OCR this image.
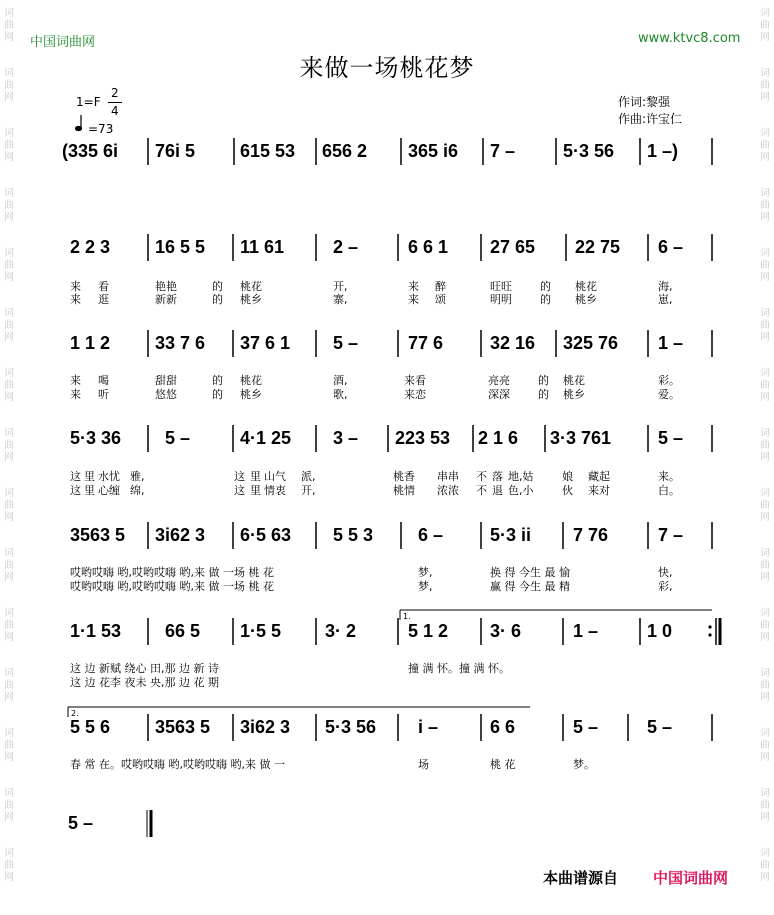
词曲网
词曲网
词曲网
词曲网
词曲网
词曲网
词曲网
词曲网
词曲网
词曲网
词曲网
词曲网
词曲网
词曲网
词曲网
词曲网
词曲网
词曲网
词曲网
词曲网
词曲网
词曲网
词曲网
词曲网
词曲网
词曲网
词曲网
词曲网
词曲网
词曲网
中国词曲网	www.ktvc8.com
来做一场桃花梦
1=F
2
4
=73
作词:黎强
作曲:许宝仁
(335 6i 76i 5 615 53 656 2 365 i6 7 –	5·3 56 1 –)
2 2 3 16 5 5 11 61	2 –	6 6 1 27 65 22 75 6 –
来 看	艳艳	的 桃花	开,	来 醉	旺旺	的 桃花	海,
来 逛	新新	的 桃乡	寨,	来 颂	明明	的 桃乡	崽,
1 1 2 33 7 6 37 6 1 5 –	77 6	32 16 325 76 1 –
来 喝	甜甜	的 桃花	酒,	来看	亮亮	的 桃花	彩。
来 听	悠悠	的 桃乡	歌,	来恋	深深	的 桃乡	爱。
5·3 36 5 –	4·1 25 3 – 223 53 2 1 6 3·3 761	5 –
这 里 水忧 雅,	这 里 山气 派,	桃香 串串 不 落 地,姑	娘 藏起	来。
这 里 心缠 绵,	这 里 情衷 开,	桃情 浓浓 不 退 色,小	伙 来对	白。
3563 5 3i62 3 6·5 63 5 5 3 6 –	5·3 ii 7 76	7 –
哎哟哎嗨 哟,哎哟哎嗨 哟,来 做 一场 桃 花	梦,	换 得 今生 最 愉	快,
哎哟哎嗨 哟,哎哟哎嗨 哟,来 做 一场 桃 花	梦,	赢 得 今生 最 精	彩,
1·1 53 66 5 1·5 5 3· 2	5 1 2 3· 6	1 –	1 0
1.
这 边 新赋 绕心 田,那 边 新 诗	撞 满 怀。撞 满 怀。
这 边 花李 夜未 央,那 边 花 期
5 5 6 3563 5 3i62 3 5·3 56 i –	6 6	5 –	5 –
2.
春 常 在。哎哟哎嗨 哟,哎哟哎嗨 哟,来 做 一	场	桃 花	梦。
5 –
本曲谱源自 中国词曲网
